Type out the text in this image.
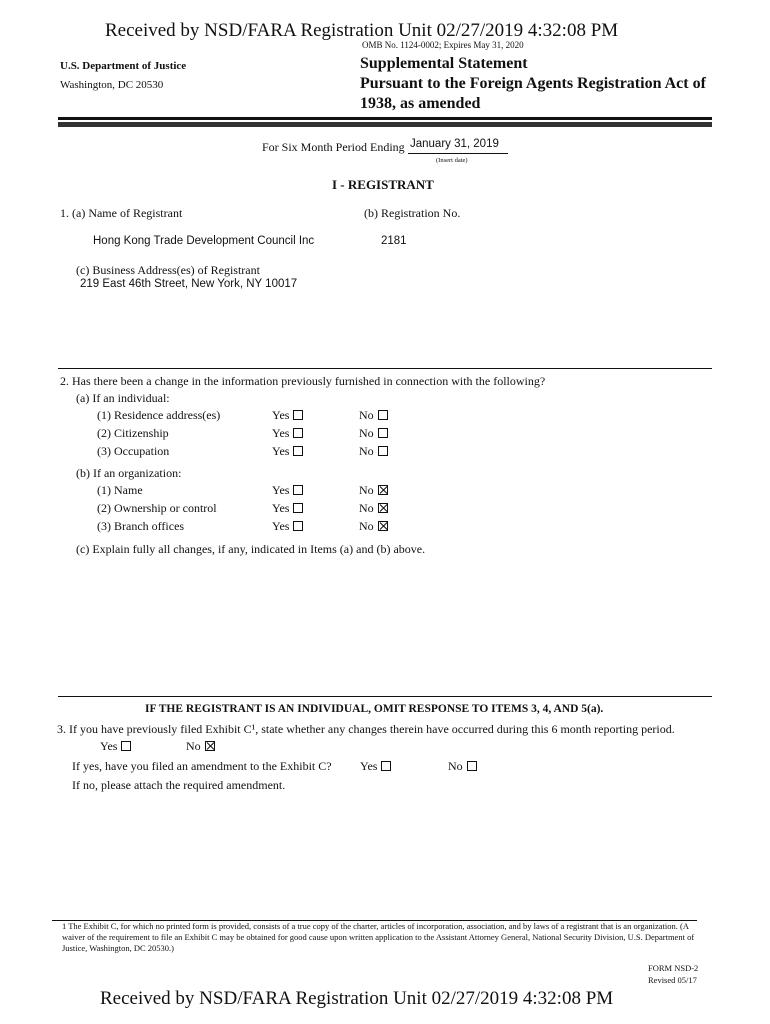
Received by NSD/FARA Registration Unit 02/27/2019 4:32:08 PM
OMB No. 1124-0002; Expires May 31, 2020
U.S. Department of Justice
Washington, DC 20530
Supplemental Statement
Pursuant to the Foreign Agents Registration Act of
1938, as amended
For Six Month Period Ending January 31, 2019
(Insert date)
I - REGISTRANT
1. (a) Name of Registrant	(b) Registration No.
Hong Kong Trade Development Council Inc	2181
(c) Business Address(es) of Registrant
219 East 46th Street, New York, NY 10017
2. Has there been a change in the information previously furnished in connection with the following?
(a) If an individual:
(1) Residence address(es)	Yes	No
(2) Citizenship	Yes	No
(3) Occupation	Yes	No
(b) If an organization:
(1) Name	Yes	No
(2) Ownership or control	Yes	No
(3) Branch offices	Yes	No
(c) Explain fully all changes, if any, indicated in Items (a) and (b) above.
IF THE REGISTRANT IS AN INDIVIDUAL, OMIT RESPONSE TO ITEMS 3, 4, AND 5(a).
3. If you have previously filed Exhibit C¹, state whether any changes therein have occurred during this 6 month reporting period.
Yes	No
If yes, have you filed an amendment to the Exhibit C? Yes	No
If no, please attach the required amendment.
1 The Exhibit C, for which no printed form is provided, consists of a true copy of the charter, articles of incorporation, association, and by laws of a registrant that is an organization. (A waiver of the requirement to file an Exhibit C may be obtained for good cause upon written application to the Assistant Attorney General, National Security Division, U.S. Department of Justice, Washington, DC 20530.)
FORM NSD-2
Revised 05/17
Received by NSD/FARA Registration Unit 02/27/2019 4:32:08 PM
